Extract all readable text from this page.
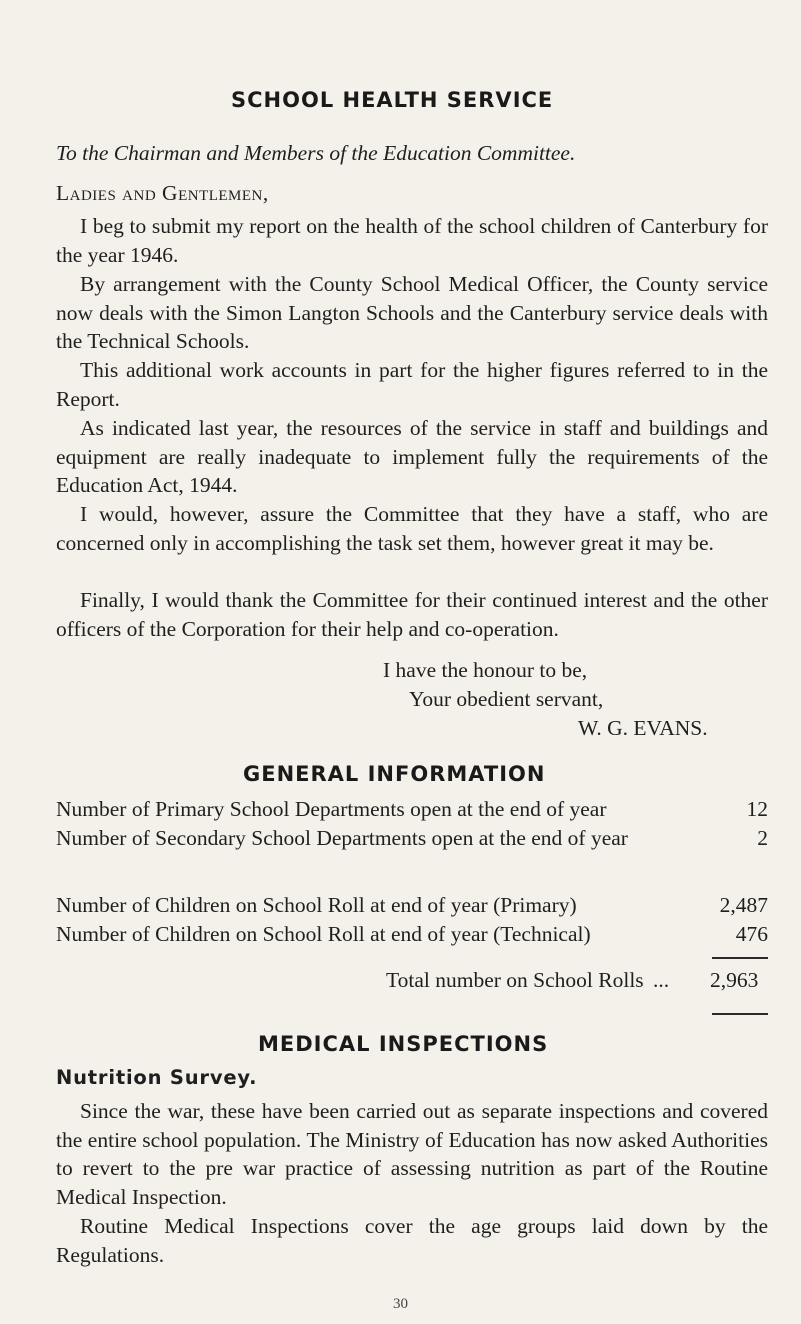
SCHOOL HEALTH SERVICE
To the Chairman and Members of the Education Committee.
Ladies and Gentlemen,
I beg to submit my report on the health of the school children of Canterbury for the year 1946.
By arrangement with the County School Medical Officer, the County service now deals with the Simon Langton Schools and the Canterbury service deals with the Technical Schools.
This additional work accounts in part for the higher figures referred to in the Report.
As indicated last year, the resources of the service in staff and buildings and equipment are really inadequate to implement fully the requirements of the Education Act, 1944.
I would, however, assure the Committee that they have a staff, who are concerned only in accomplishing the task set them, however great it may be.
Finally, I would thank the Committee for their continued interest and the other officers of the Corporation for their help and co-operation.
I have the honour to be,
Your obedient servant,
W. G. EVANS.
GENERAL INFORMATION
Number of Primary School Departments open at the end of year	12
Number of Secondary School Departments open at the end of year	2
Number of Children on School Roll at end of year (Primary)	2,487
Number of Children on School Roll at end of year (Technical)	476
Total number on School Rolls ... 2,963
MEDICAL INSPECTIONS
Nutrition Survey.
Since the war, these have been carried out as separate inspections and covered the entire school population. The Ministry of Education has now asked Authorities to revert to the pre war practice of assessing nutrition as part of the Routine Medical Inspection.
Routine Medical Inspections cover the age groups laid down by the Regulations.
30
